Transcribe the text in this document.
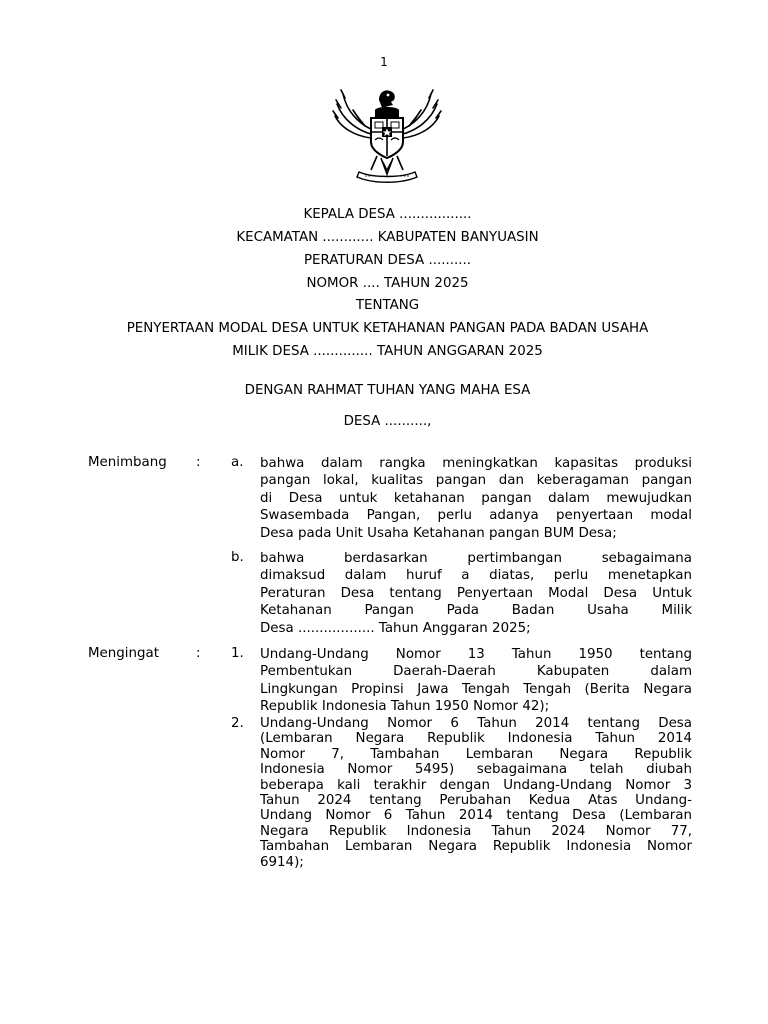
1
KEPALA DESA .................
KECAMATAN ............ KABUPATEN BANYUASIN
PERATURAN DESA ..........
NOMOR .... TAHUN 2025
TENTANG
PENYERTAAN MODAL DESA UNTUK KETAHANAN PANGAN PADA BADAN USAHA
MILIK DESA .............. TAHUN ANGGARAN 2025
DENGAN RAHMAT TUHAN YANG MAHA ESA
DESA ..........,
Menimbang : a. bahwa dalam rangka meningkatkan kapasitas produksi
pangan lokal, kualitas pangan dan keberagaman pangan
di Desa untuk ketahanan pangan dalam mewujudkan
Swasembada Pangan, perlu adanya penyertaan modal
Desa pada Unit Usaha Ketahanan pangan BUM Desa;
b. bahwa berdasarkan pertimbangan sebagaimana
dimaksud dalam huruf a diatas, perlu menetapkan
Peraturan Desa tentang Penyertaan Modal Desa Untuk
Ketahanan Pangan Pada Badan Usaha Milik
Desa .................. Tahun Anggaran 2025;
Mengingat	: 1. Undang-Undang Nomor 13 Tahun 1950 tentang
Pembentukan Daerah-Daerah Kabupaten dalam
Lingkungan Propinsi Jawa Tengah Tengah (Berita Negara
Republik Indonesia Tahun 1950 Nomor 42);
2. Undang-Undang Nomor 6 Tahun 2014 tentang Desa
(Lembaran Negara Republik Indonesia Tahun 2014
Nomor 7, Tambahan Lembaran Negara Republik
Indonesia Nomor 5495) sebagaimana telah diubah
beberapa kali terakhir dengan Undang-Undang Nomor 3
Tahun 2024 tentang Perubahan Kedua Atas Undang-
Undang Nomor 6 Tahun 2014 tentang Desa (Lembaran
Negara Republik Indonesia Tahun 2024 Nomor 77,
Tambahan Lembaran Negara Republik Indonesia Nomor
6914);
